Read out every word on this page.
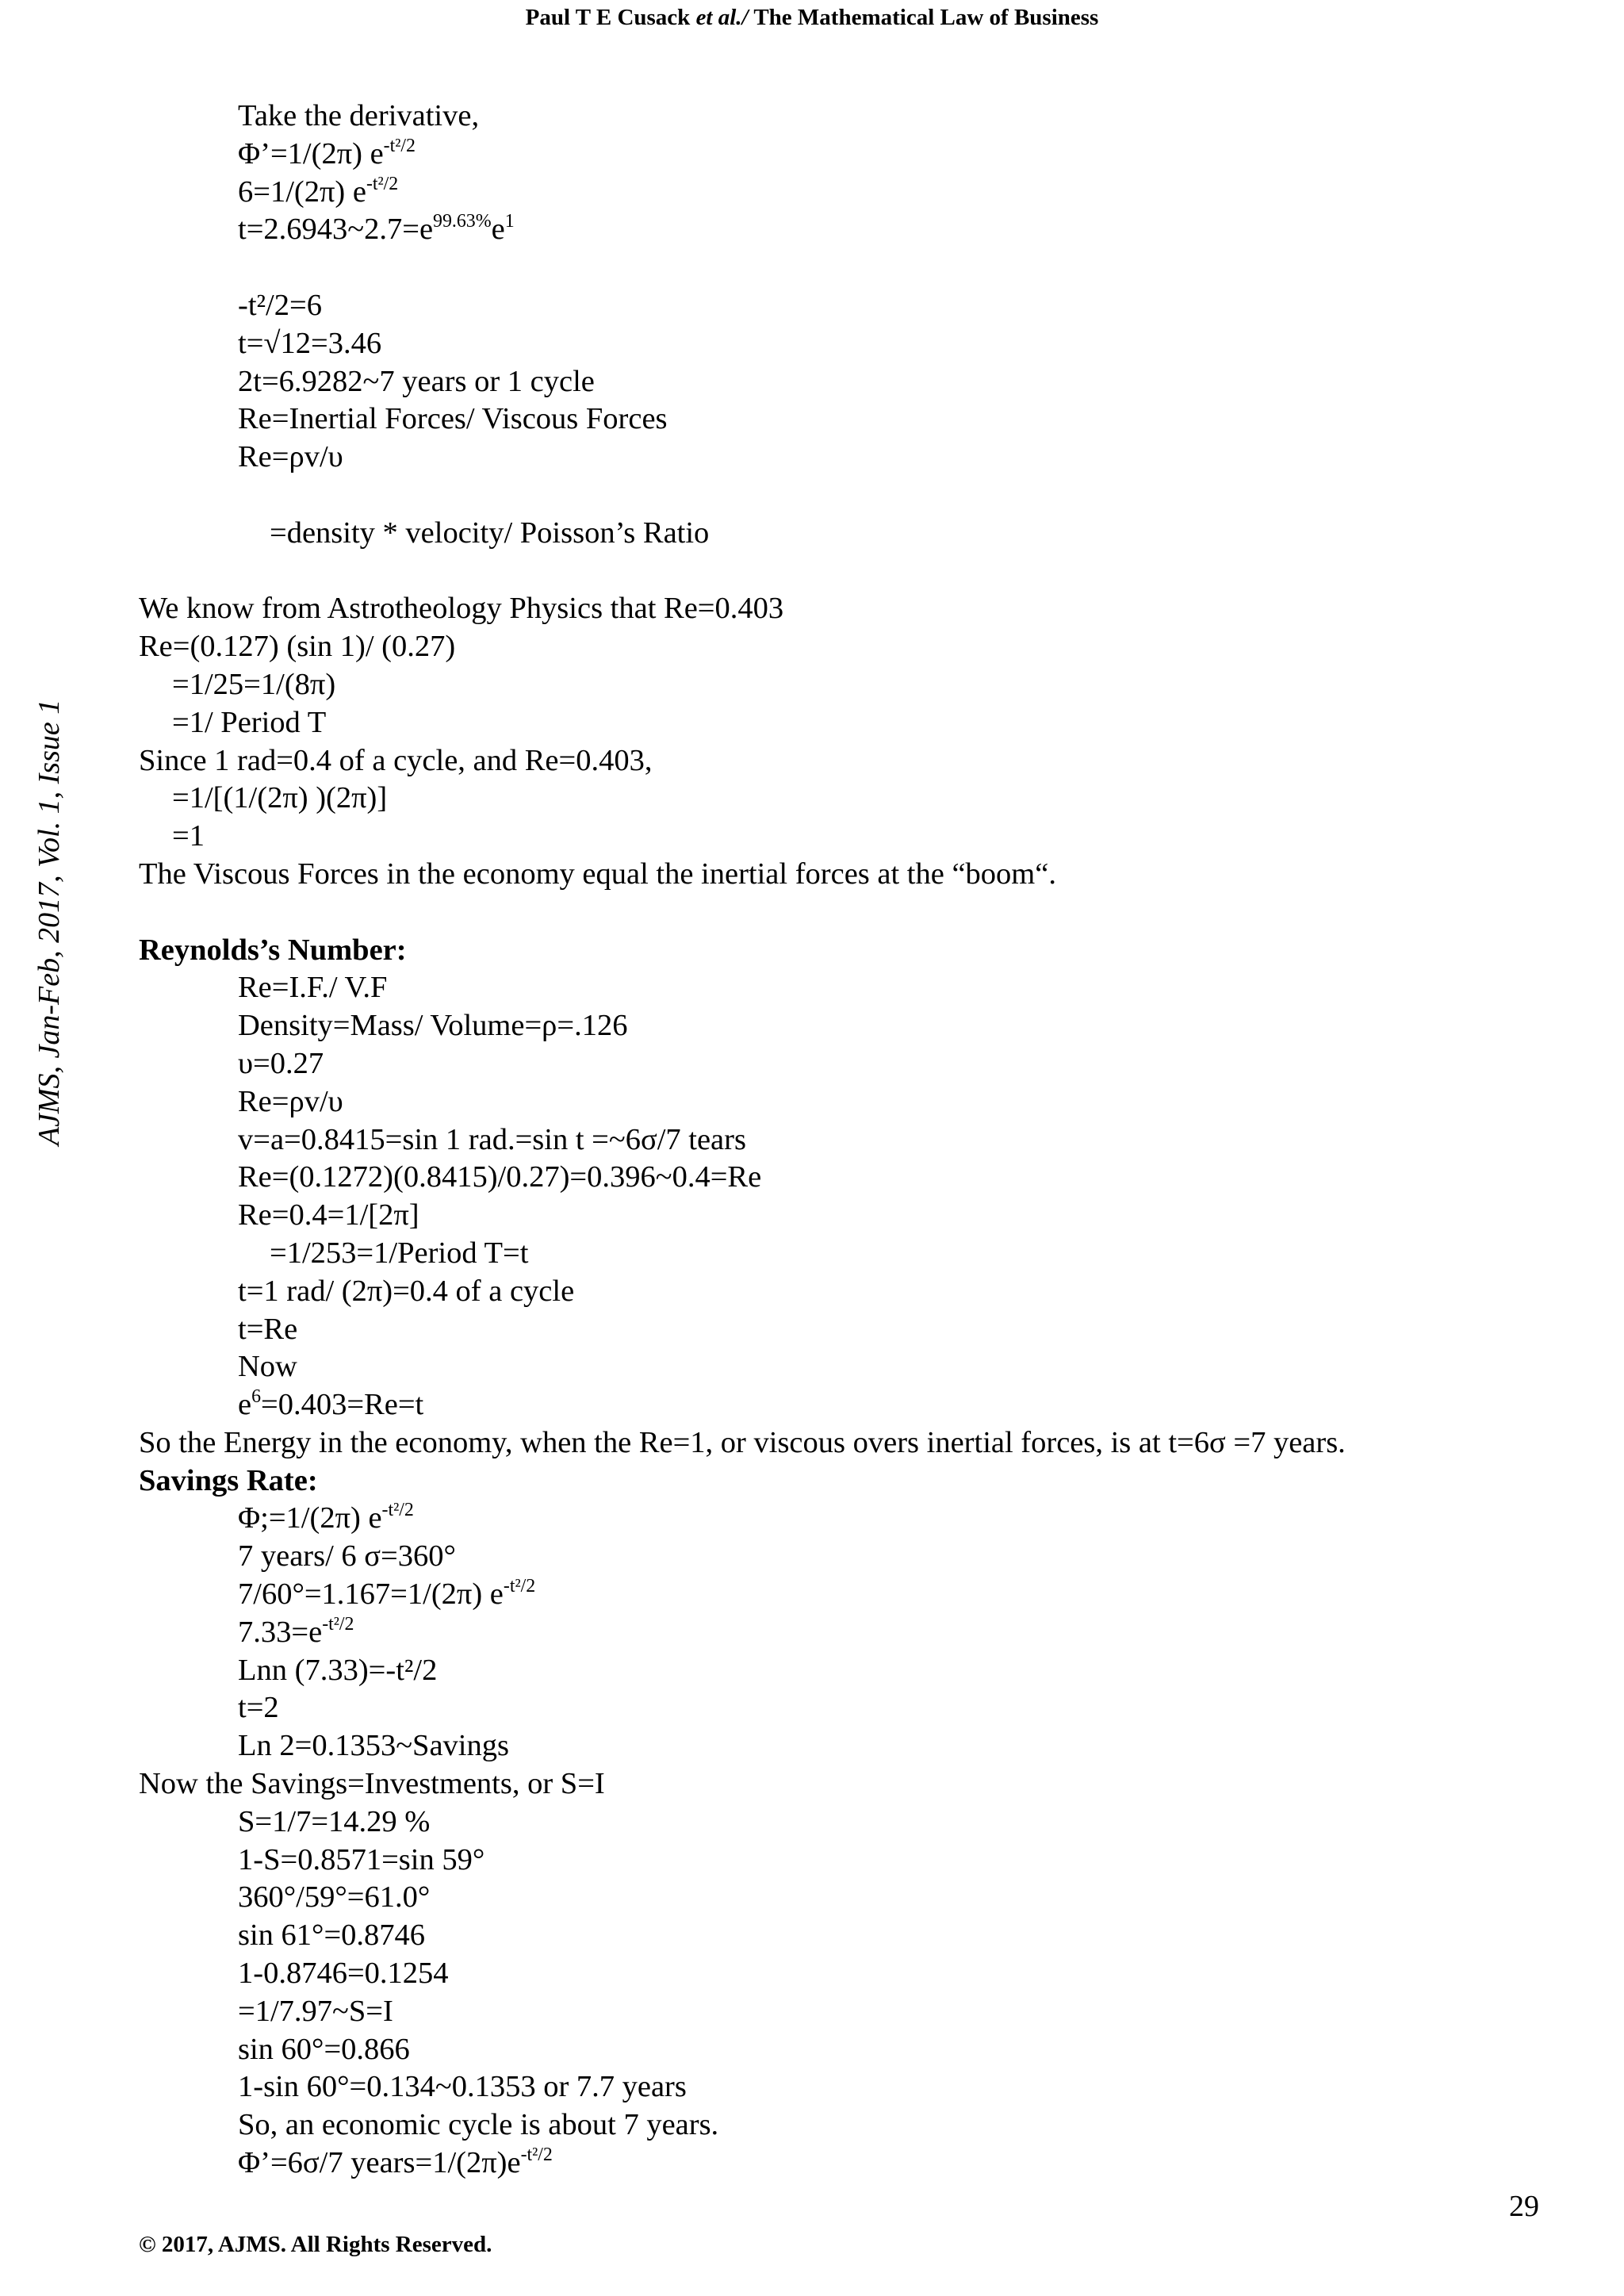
Paul T E Cusack et al./ The Mathematical Law of Business
AJMS, Jan-Feb, 2017, Vol. 1, Issue 1
Take the derivative,
Φ’=1/(2π) $e^{-t^2/2}$
6=1/(2π) $e^{-t^2/2}$
$t=2.6943\sim 2.7=e^{99.63\%}e^1$
-t²/2=6
t=√12=3.46
2t=6.9282~7 years or 1 cycle
Re=Inertial Forces/ Viscous Forces
Re=ρv/υ
=density * velocity/ Poisson’s Ratio
We know from Astrotheology Physics that Re=0.403
Re=(0.127) (sin 1)/ (0.27)
=1/25=1/(8π)
=1/ Period T
Since 1 rad=0.4 of a cycle, and Re=0.403,
=1/[(1/(2π) )(2π)]
=1
The Viscous Forces in the economy equal the inertial forces at the “boom“.
Reynolds’s Number:
Re=I.F./ V.F
Density=Mass/ Volume=ρ=.126
υ=0.27
Re=ρv/υ
v=a=0.8415=sin 1 rad.=sin t =~6σ/7 tears
Re=(0.1272)(0.8415)/0.27)=0.396~0.4=Re
Re=0.4=1/[2π]
=1/253=1/Period T=t
t=1 rad/ (2π)=0.4 of a cycle
t=Re
Now
$e^6=0.403=Re=t$
So the Energy in the economy, when the Re=1, or viscous overs inertial forces, is at t=6σ =7 years.
Savings Rate:
Φ;=1/(2π) $e^{-t^2/2}$
7 years/ 6 σ=360°
7/60°=1.167=1/(2π) $e^{-t^2/2}$
$7.33=e^{-t^2/2}$
Lnn (7.33)=-t²/2
t=2
Ln 2=0.1353~Savings
Now the Savings=Investments, or S=I
S=1/7=14.29 %
1-S=0.8571=sin 59°
360°/59°=61.0°
sin 61°=0.8746
1-0.8746=0.1254
=1/7.97~S=I
sin 60°=0.866
1-sin 60°=0.134~0.1353 or 7.7 years
So, an economic cycle is about 7 years.
Φ’=6σ/7 $years=1/(2\pi)e^{-t^2/2}$
29
© 2017, AJMS. All Rights Reserved.
